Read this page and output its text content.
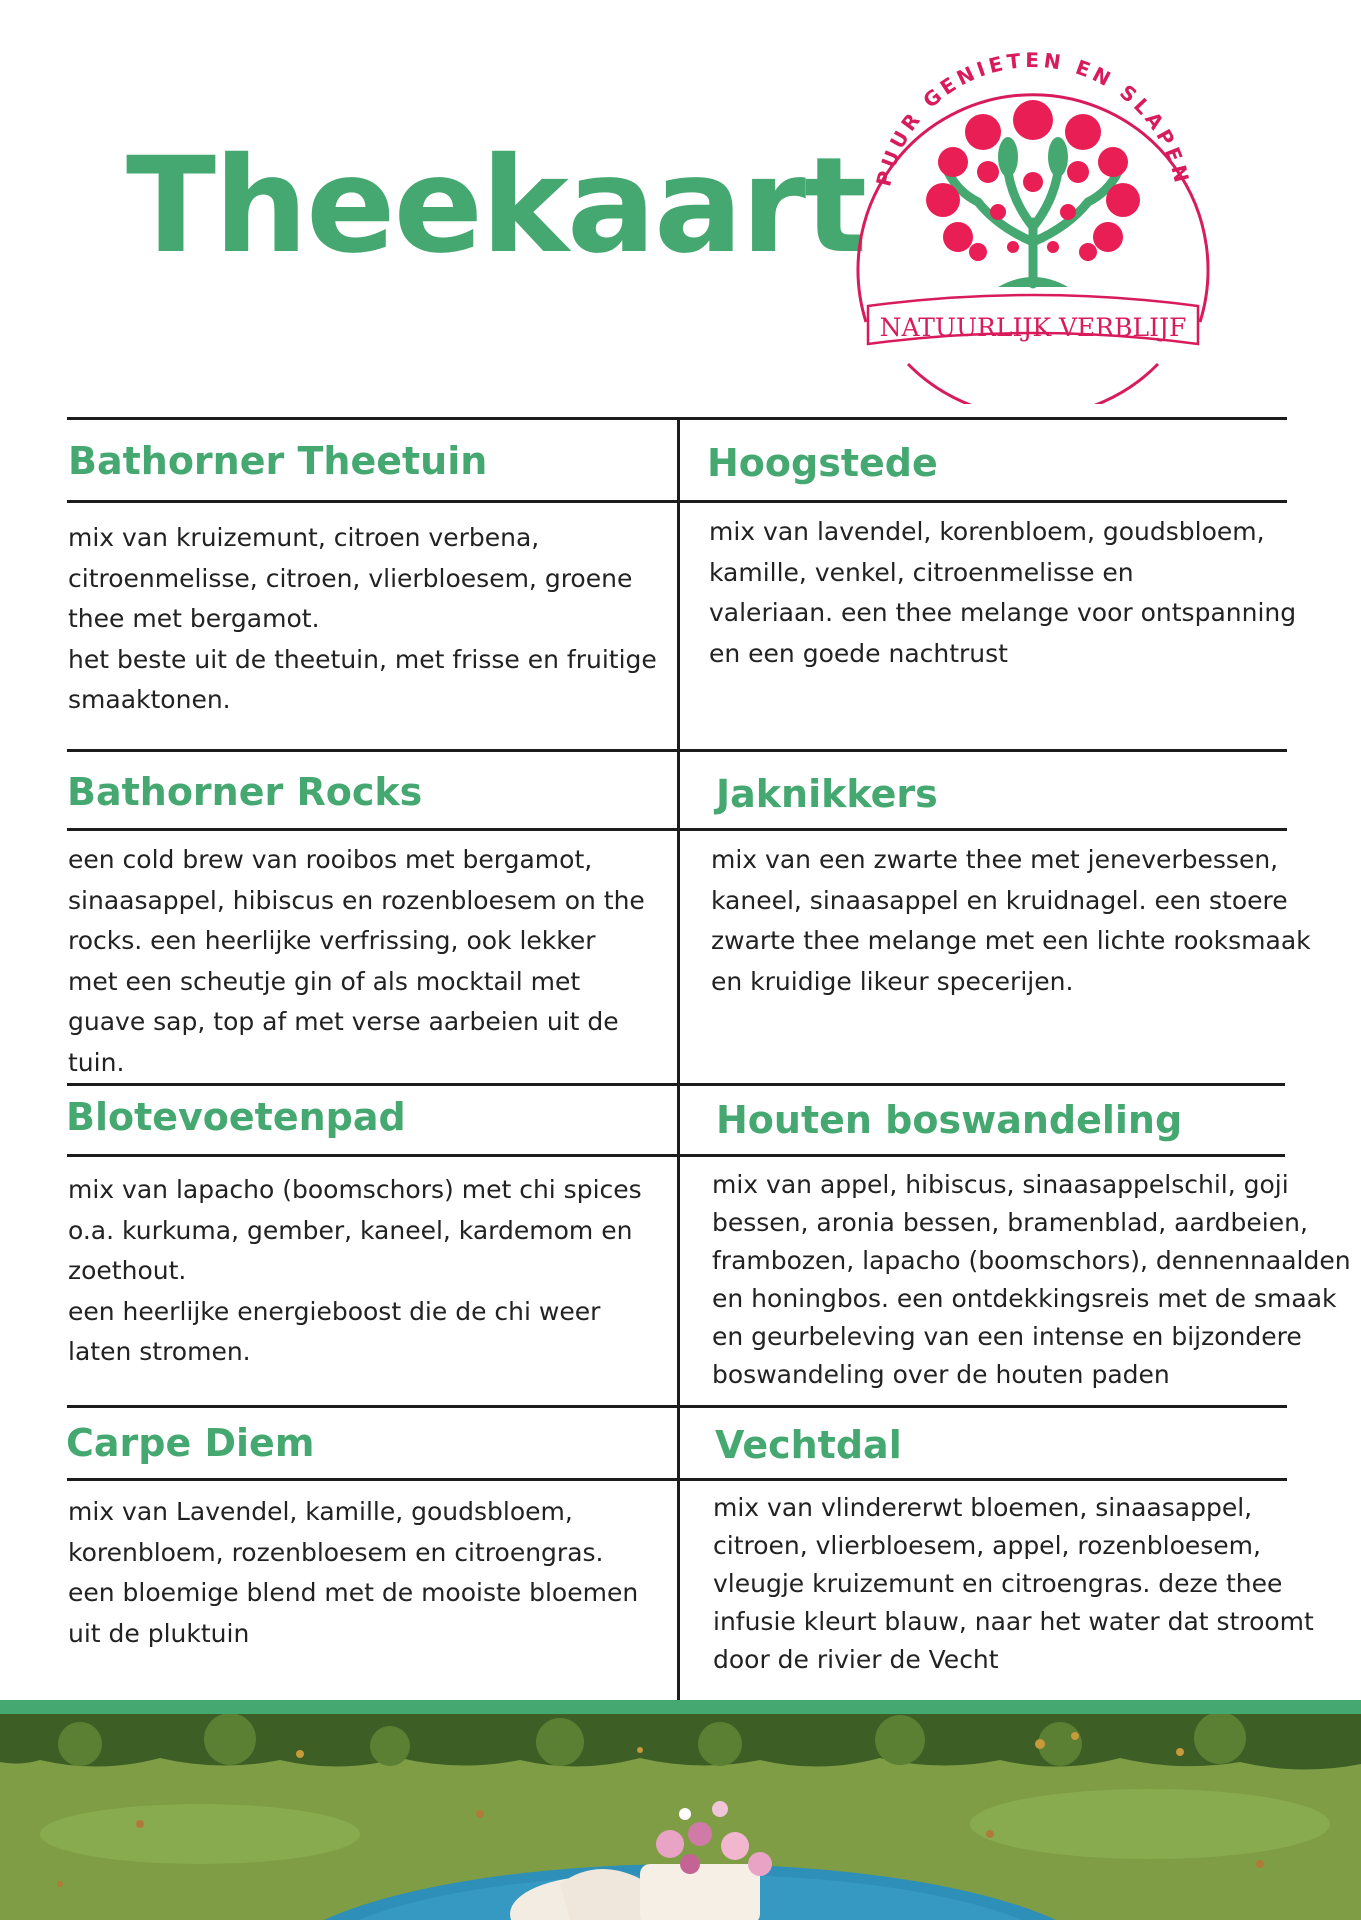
Theekaart PUUR GENIETEN EN SLAPEN
NATUURLIJK VERBLIJF
Bathorner Theetuin
mix van kruizemunt, citroen verbena,
citroenmelisse, citroen, vlierbloesem, groene
thee met bergamot.
het beste uit de theetuin, met frisse en fruitige
smaaktonen.
Hoogstede
mix van lavendel, korenbloem, goudsbloem,
kamille, venkel, citroenmelisse en
valeriaan. een thee melange voor ontspanning
en een goede nachtrust
Bathorner Rocks
een cold brew van rooibos met bergamot,
sinaasappel, hibiscus en rozenbloesem on the
rocks. een heerlijke verfrissing, ook lekker
met een scheutje gin of als mocktail met
guave sap, top af met verse aarbeien uit de
tuin.
Jaknikkers
mix van een zwarte thee met jeneverbessen,
kaneel, sinaasappel en kruidnagel. een stoere
zwarte thee melange met een lichte rooksmaak
en kruidige likeur specerijen.
Blotevoetenpad
mix van lapacho (boomschors) met chi spices
o.a. kurkuma, gember, kaneel, kardemom en
zoethout.
een heerlijke energieboost die de chi weer
laten stromen.
Houten boswandeling
mix van appel, hibiscus, sinaasappelschil, goji
bessen, aronia bessen, bramenblad, aardbeien,
frambozen, lapacho (boomschors), dennennaalden
en honingbos. een ontdekkingsreis met de smaak
en geurbeleving van een intense en bijzondere
boswandeling over de houten paden
Carpe Diem
mix van Lavendel, kamille, goudsbloem,
korenbloem, rozenbloesem en citroengras.
een bloemige blend met de mooiste bloemen
uit de pluktuin
Vechtdal
mix van vlindererwt bloemen, sinaasappel,
citroen, vlierbloesem, appel, rozenbloesem,
vleugje kruizemunt en citroengras. deze thee
infusie kleurt blauw, naar het water dat stroomt
door de rivier de Vecht
